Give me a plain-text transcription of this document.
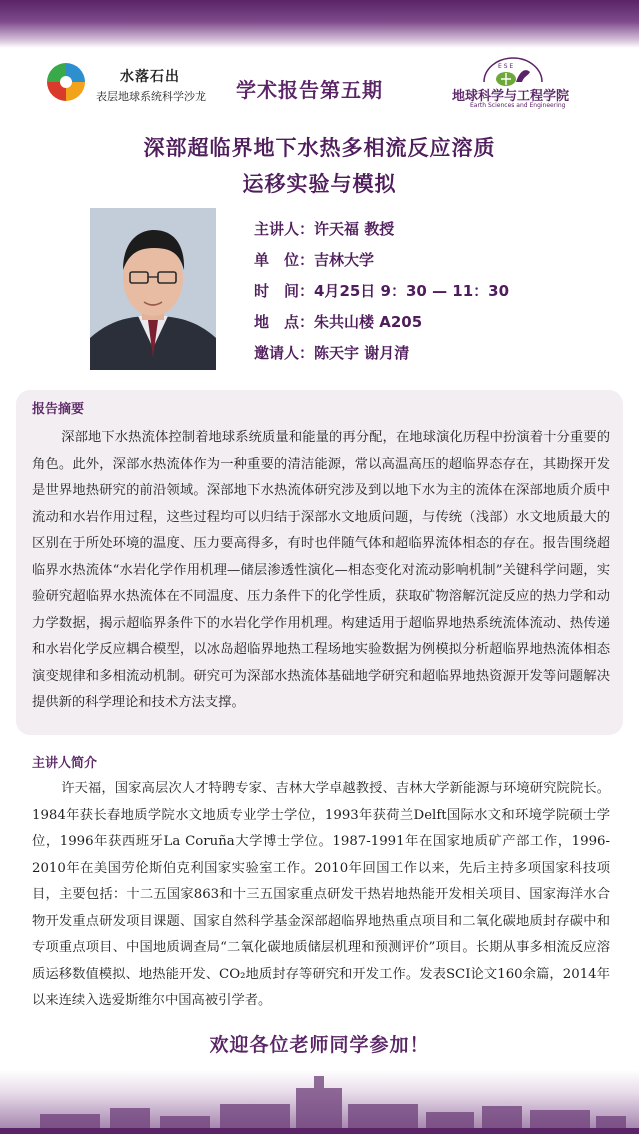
水落石出
表层地球系统科学沙龙 学术报告第五期
E S E
地球科学与工程学院
Earth Sciences and Engineering
深部超临界地下水热多相流反应溶质
运移实验与模拟
主讲人：许天福 教授
单　位：吉林大学
时　间：4月25日 9：30 — 11：30
地　点：朱共山楼 A205
邀请人：陈天宇 谢月清
报告摘要

深部地下水热流体控制着地球系统质量和能量的再分配，在地球演化历程中扮演着十分重要的角色。此外，深部水热流体作为一种重要的清洁能源，常以高温高压的超临界态存在，其勘探开发是世界地热研究的前沿领域。深部地下水热流体研究涉及到以地下水为主的流体在深部地质介质中流动和水岩作用过程，这些过程均可以归结于深部水文地质问题，与传统（浅部）水文地质最大的区别在于所处环境的温度、压力要高得多，有时也伴随气体和超临界流体相态的存在。报告围绕超临界水热流体“水岩化学作用机理—储层渗透性演化—相态变化对流动影响机制”关键科学问题，实验研究超临界水热流体在不同温度、压力条件下的化学性质，获取矿物溶解沉淀反应的热力学和动力学数据，揭示超临界条件下的水岩化学作用机理。构建适用于超临界地热系统流体流动、热传递和水岩化学反应耦合模型，以冰岛超临界地热工程场地实验数据为例模拟分析超临界地热流体相态演变规律和多相流动机制。研究可为深部水热流体基础地学研究和超临界地热资源开发等问题解决提供新的科学理论和技术方法支撑。

主讲人简介

许天福，国家高层次人才特聘专家、吉林大学卓越教授、吉林大学新能源与环境研究院院长。1984年获长春地质学院水文地质专业学士学位，1993年获荷兰Delft国际水文和环境学院硕士学位，1996年获西班牙La Coruña大学博士学位。1987-1991年在国家地质矿产部工作，1996-2010年在美国劳伦斯伯克利国家实验室工作。2010年回国工作以来，先后主持多项国家科技项目，主要包括：十二五国家863和十三五国家重点研发干热岩地热能开发相关项目、国家海洋水合物开发重点研发项目课题、国家自然科学基金深部超临界地热重点项目和二氧化碳地质封存碳中和专项重点项目、中国地质调查局“二氧化碳地质储层机理和预测评价”项目。长期从事多相流反应溶质运移数值模拟、地热能开发、CO₂地质封存等研究和开发工作。发表SCI论文160余篇，2014年以来连续入选爱斯维尔中国高被引学者。

欢迎各位老师同学参加！
